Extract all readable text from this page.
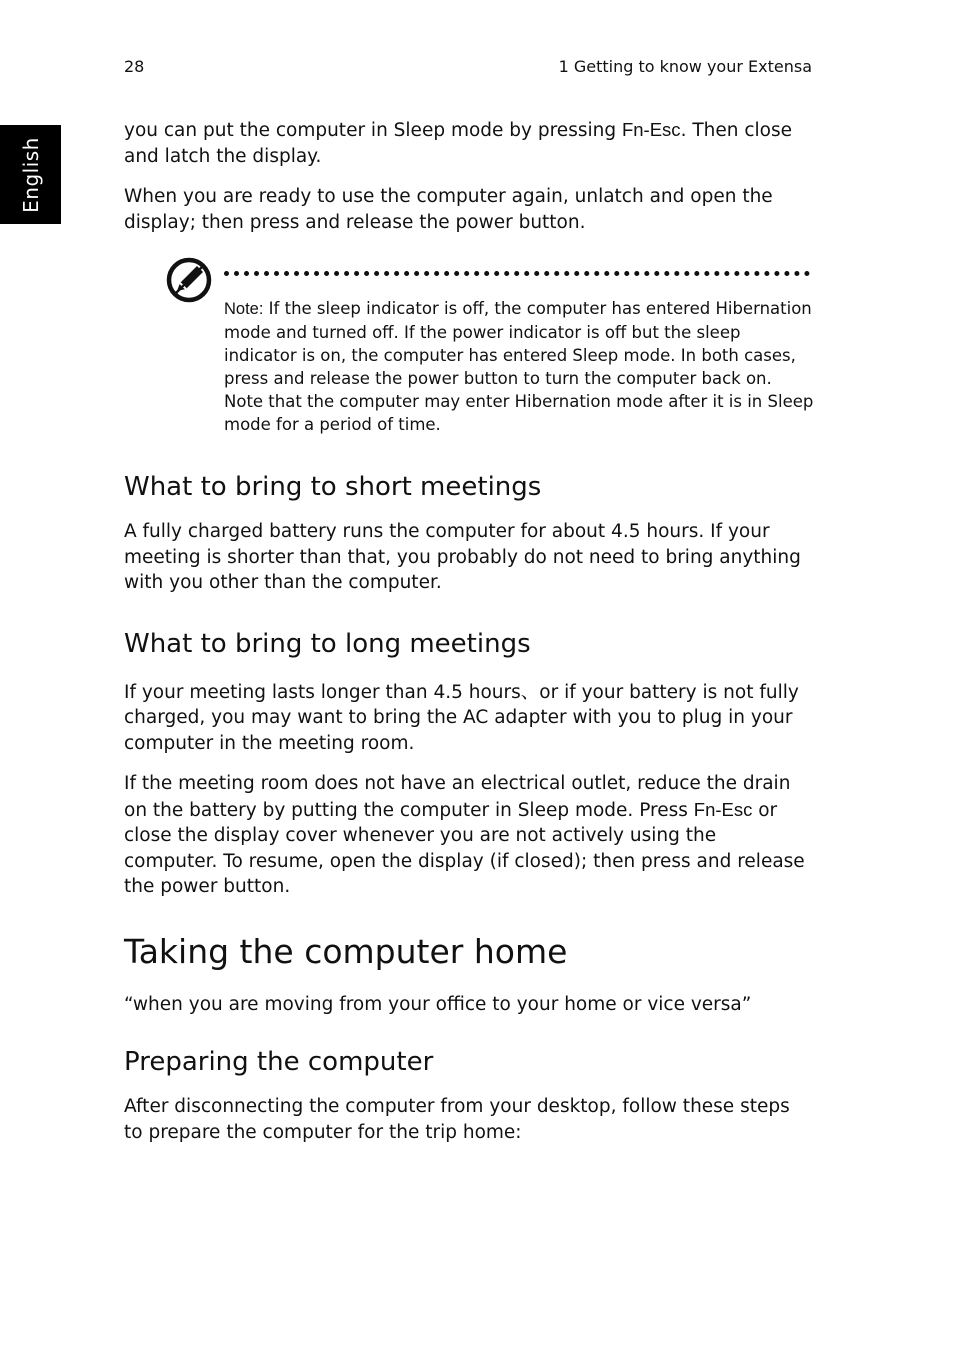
28	1 Getting to know your Extensa
English

you can put the computer in Sleep mode by pressing Fn-Esc. Then close and latch the display.

When you are ready to use the computer again, unlatch and open the display; then press and release the power button.

Note: If the sleep indicator is off, the computer has entered Hibernation mode and turned off. If the power indicator is off but the sleep indicator is on, the computer has entered Sleep mode. In both cases, press and release the power button to turn the computer back on. Note that the computer may enter Hibernation mode after it is in Sleep mode for a period of time.

What to bring to short meetings

A fully charged battery runs the computer for about 4.5 hours. If your meeting is shorter than that, you probably do not need to bring anything with you other than the computer.

What to bring to long meetings

If your meeting lasts longer than 4.5 hours、or if your battery is not fully charged, you may want to bring the AC adapter with you to plug in your computer in the meeting room.

If the meeting room does not have an electrical outlet, reduce the drain on the battery by putting the computer in Sleep mode. Press Fn-Esc or close the display cover whenever you are not actively using the computer. To resume, open the display (if closed); then press and release the power button.

Taking the computer home

“when you are moving from your office to your home or vice versa”

Preparing the computer

After disconnecting the computer from your desktop, follow these steps to prepare the computer for the trip home:
